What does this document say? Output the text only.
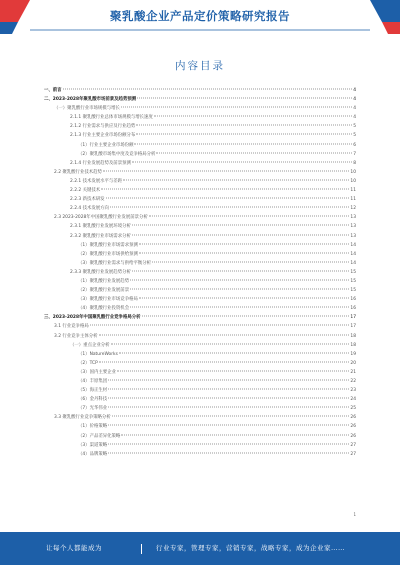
聚乳酸企业产品定价策略研究报告
内容目录
一、前言	4
二、2023-2028年聚乳酸市场前景及趋势预测	4
（一）聚乳酸行业市场规模与增长	4
2.1.1 聚乳酸行业总体市场规模与增长速度	4
2.1.2 行业需求与供应及行业趋势	5
2.1.3 行业主要企业市场份额分布	5
（1）行业主要企业市场份额	6
（2）聚乳酸市场集中度及竞争格局分析	7
2.1.4 行业发展趋势及前景预测	8
2.2 聚乳酸行业技术趋势	10
2.2.1 技术发展水平与差距	10
2.2.2 关键技术	11
2.2.3 新技术研发	11
2.2.4 技术发展方向	12
2.3 2023-2028年中国聚乳酸行业发展前景分析	13
2.3.1 聚乳酸行业发展环境分析	13
2.3.2 聚乳酸行业市场需求分析	13
（1）聚乳酸行业市场需求预测	14
（2）聚乳酸行业市场供给预测	14
（3）聚乳酸行业需求与供给平衡分析	14
2.3.3 聚乳酸行业发展趋势分析	15
（1）聚乳酸行业发展趋势	15
（2）聚乳酸行业发展前景	15
（3）聚乳酸行业市场竞争格局	16
（4）聚乳酸行业投资机会	16
三、2023-2028年中国聚乳酸行业竞争格局分析	17
3.1 行业竞争格局	17
3.2 行业竞争主体分析	18
（一）重点企业分析	18
（1）NatureWorks	19
（2）TCP	20
（3）国内主要企业	21
（4）丰原集团	22
（5）海正生材	23
（6）金丹科技	24
（7）光华伟业	25
3.3 聚乳酸行业竞争策略分析	26
（1）价格策略	26
（2）产品差异化策略	26
（3）渠道策略	27
（4）品牌策略	27
1
让每个人都能成为	行业专家，管理专家，营销专家，战略专家，成为企业家……
